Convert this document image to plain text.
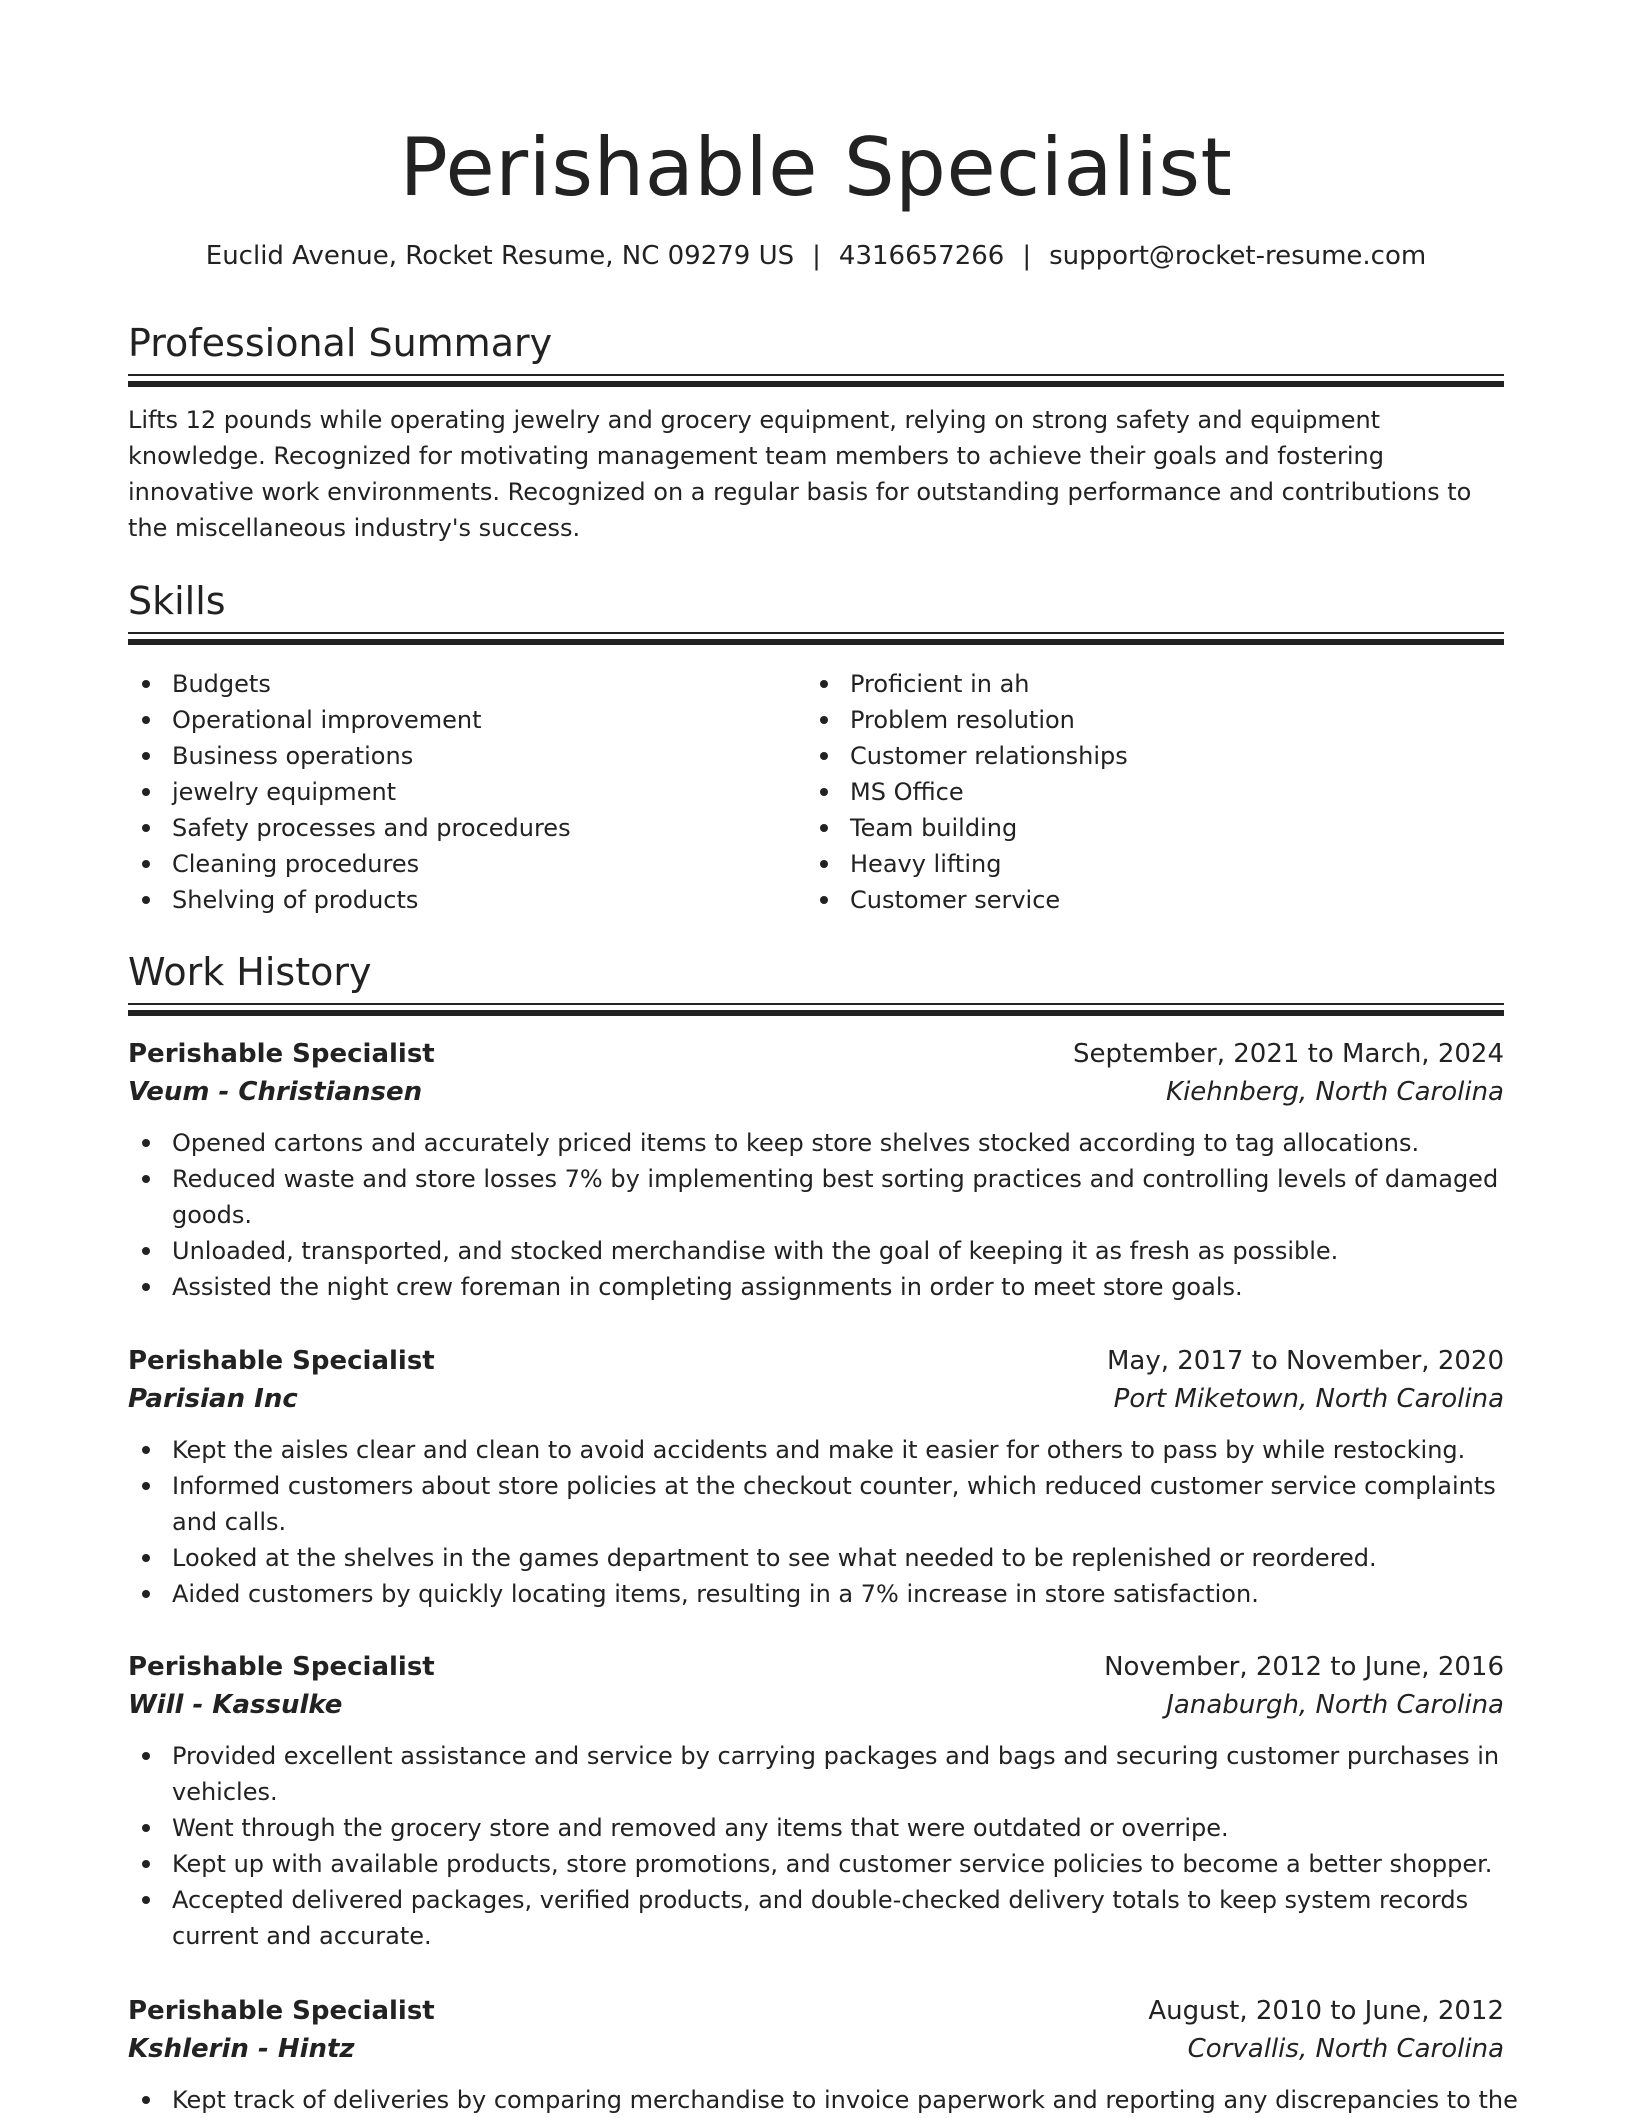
Perishable Specialist
Euclid Avenue, Rocket Resume, NC 09279 US | 4316657266 | support@rocket-resume.com
Professional Summary
Lifts 12 pounds while operating jewelry and grocery equipment, relying on strong safety and equipment knowledge. Recognized for motivating management team members to achieve their goals and fostering innovative work environments. Recognized on a regular basis for outstanding performance and contributions to the miscellaneous industry's success.
Skills
Budgets
Operational improvement
Business operations
jewelry equipment
Safety processes and procedures
Cleaning procedures
Shelving of products
Proficient in ah
Problem resolution
Customer relationships
MS Office
Team building
Heavy lifting
Customer service
Work History
Perishable Specialist	September, 2021 to March, 2024
Veum - Christiansen	Kiehnberg, North Carolina
Opened cartons and accurately priced items to keep store shelves stocked according to tag allocations.
Reduced waste and store losses 7% by implementing best sorting practices and controlling levels of damaged goods.
Unloaded, transported, and stocked merchandise with the goal of keeping it as fresh as possible.
Assisted the night crew foreman in completing assignments in order to meet store goals.
Perishable Specialist	May, 2017 to November, 2020
Parisian Inc	Port Miketown, North Carolina
Kept the aisles clear and clean to avoid accidents and make it easier for others to pass by while restocking.
Informed customers about store policies at the checkout counter, which reduced customer service complaints and calls.
Looked at the shelves in the games department to see what needed to be replenished or reordered.
Aided customers by quickly locating items, resulting in a 7% increase in store satisfaction.
Perishable Specialist	November, 2012 to June, 2016
Will - Kassulke	Janaburgh, North Carolina
Provided excellent assistance and service by carrying packages and bags and securing customer purchases in vehicles.
Went through the grocery store and removed any items that were outdated or overripe.
Kept up with available products, store promotions, and customer service policies to become a better shopper.
Accepted delivered packages, verified products, and double-checked delivery totals to keep system records current and accurate.
Perishable Specialist	August, 2010 to June, 2012
Kshlerin - Hintz	Corvallis, North Carolina
Kept track of deliveries by comparing merchandise to invoice paperwork and reporting any discrepancies to the
